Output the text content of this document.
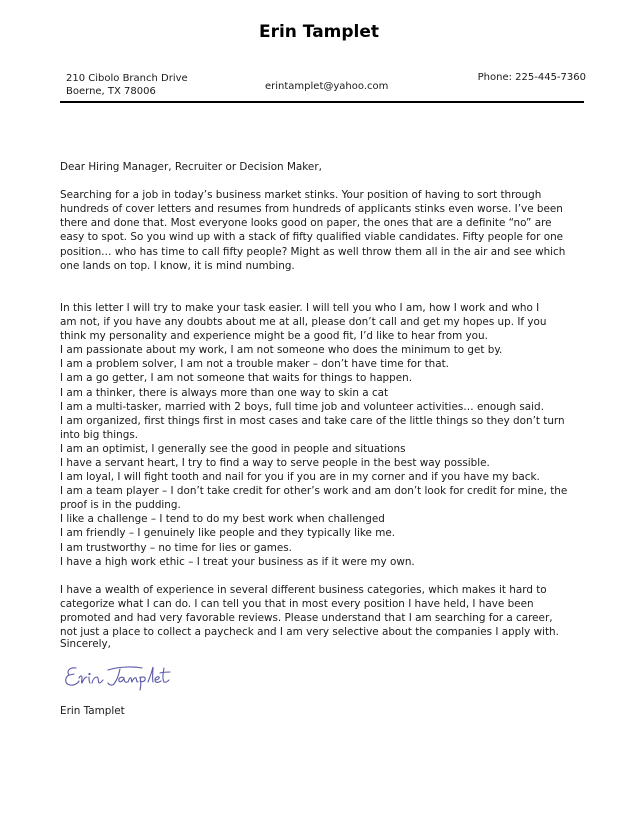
Erin Tamplet
210 Cibolo Branch Drive
Boerne, TX 78006	erintamplet@yahoo.com
Phone: 225-445-7360

Dear Hiring Manager, Recruiter or Decision Maker,

Searching for a job in today’s business market stinks. Your position of having to sort through

hundreds of cover letters and resumes from hundreds of applicants stinks even worse. I’ve been

there and done that. Most everyone looks good on paper, the ones that are a definite “no” are

easy to spot. So you wind up with a stack of fifty qualified viable candidates. Fifty people for one

position… who has time to call fifty people? Might as well throw them all in the air and see which

one lands on top. I know, it is mind numbing.

In this letter I will try to make your task easier. I will tell you who I am, how I work and who I

am not, if you have any doubts about me at all, please don’t call and get my hopes up. If you

think my personality and experience might be a good fit, I’d like to hear from you.

I am passionate about my work, I am not someone who does the minimum to get by.

I am a problem solver, I am not a trouble maker – don’t have time for that.

I am a go getter, I am not someone that waits for things to happen.

I am a thinker, there is always more than one way to skin a cat

I am a multi-tasker, married with 2 boys, full time job and volunteer activities… enough said.

I am organized, first things first in most cases and take care of the little things so they don’t turn

into big things.

I am an optimist, I generally see the good in people and situations

I have a servant heart, I try to find a way to serve people in the best way possible.

I am loyal, I will fight tooth and nail for you if you are in my corner and if you have my back.

I am a team player – I don’t take credit for other’s work and am don’t look for credit for mine, the

proof is in the pudding.

I like a challenge – I tend to do my best work when challenged

I am friendly – I genuinely like people and they typically like me.

I am trustworthy – no time for lies or games.

I have a high work ethic – I treat your business as if it were my own.

I have a wealth of experience in several different business categories, which makes it hard to

categorize what I can do. I can tell you that in most every position I have held, I have been

promoted and had very favorable reviews. Please understand that I am searching for a career,

not just a place to collect a paycheck and I am very selective about the companies I apply with.

Sincerely,
Erin Tamplet
